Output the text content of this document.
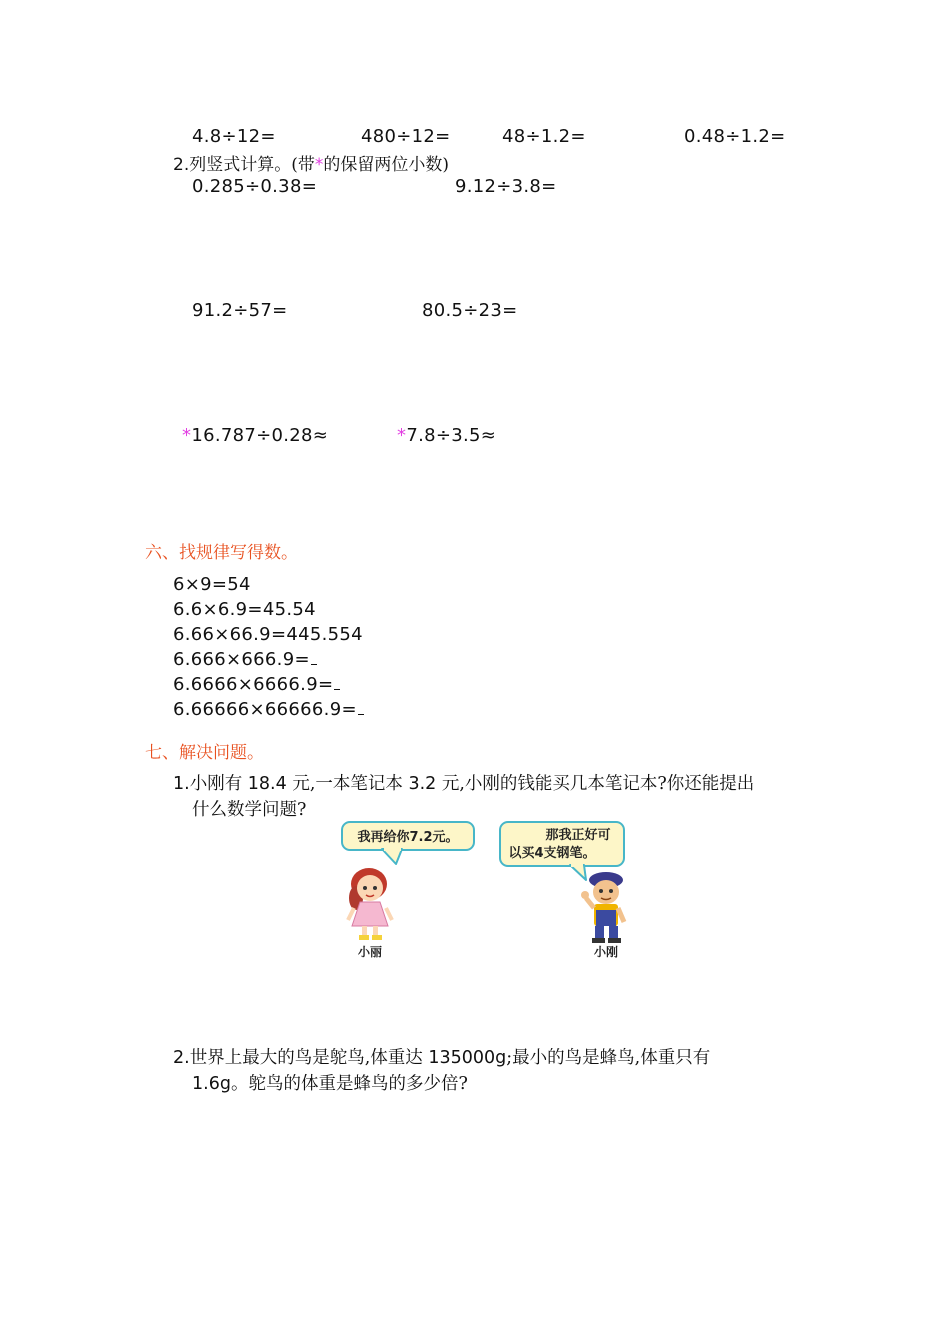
4.8÷12=	480÷12=	48÷1.2=	0.48÷1.2=
2.列竖式计算。(带*的保留两位小数)
0.285÷0.38=	9.12÷3.8=
91.2÷57=	80.5÷23=
*16.787÷0.28≈	*7.8÷3.5≈
六、找规律写得数。
6×9=54
6.6×6.9=45.54
6.66×66.9=445.554
6.666×666.9=
6.6666×6666.9=
6.66666×66666.9=
七、解决问题。
1.小刚有 18.4 元,一本笔记本 3.2 元,小刚的钱能买几本笔记本?你还能提出
什么数学问题?
我再给你7.2元。	那我正好可
以买4支钢笔。
小丽	小刚
2.世界上最大的鸟是鸵鸟,体重达 135000g;最小的鸟是蜂鸟,体重只有
1.6g。鸵鸟的体重是蜂鸟的多少倍?
